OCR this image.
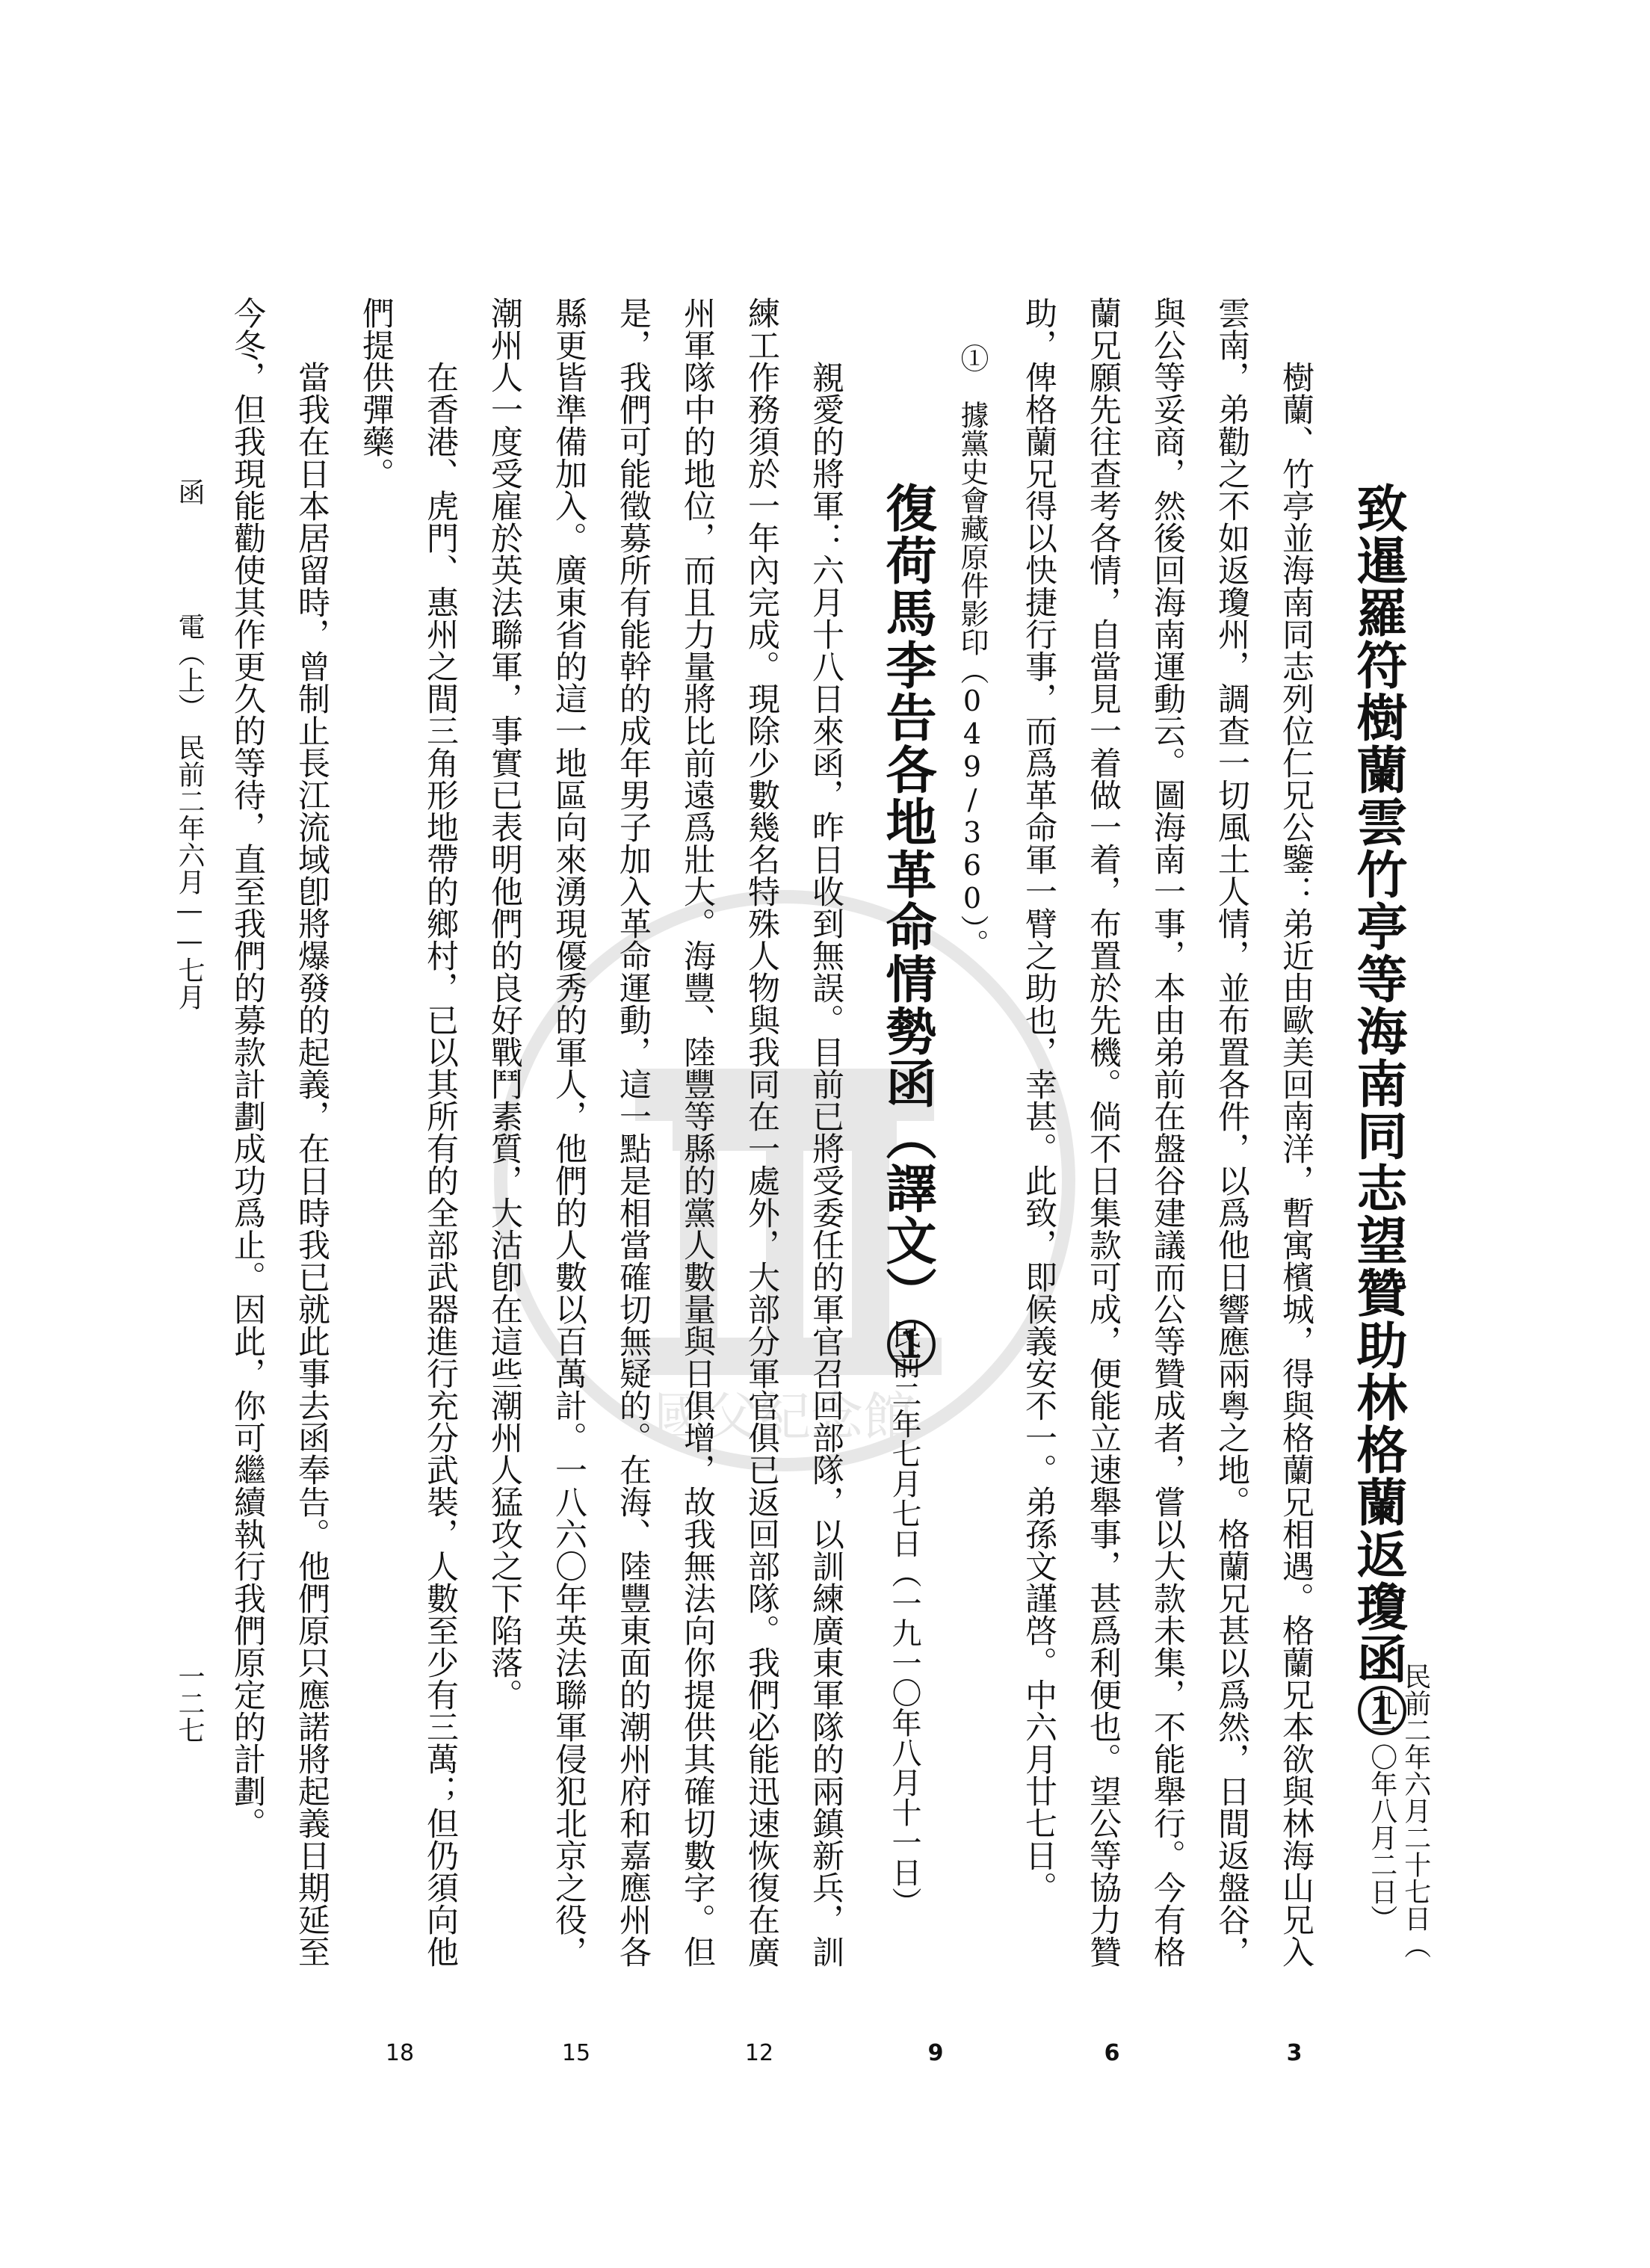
國父紀念館	致暹羅符樹蘭雲竹亭等海南同志望贊助林格蘭返瓊函①
民前二年六月二十七日（
一九一〇年八月二日）
樹蘭、竹亭並海南同志列位仁兄公鑒：弟近由歐美回南洋，暫寓檳城，得與格蘭兄相遇。格蘭兄本欲與林海山兄入
雲南，弟勸之不如返瓊州，調查一切風土人情，並布置各件，以爲他日響應兩粤之地。格蘭兄甚以爲然，日間返盤谷，
與公等妥商，然後回海南運動云。圖海南一事，本由弟前在盤谷建議而公等贊成者，嘗以大款未集，不能舉行。今有格
蘭兄願先往查考各情，自當見一着做一着，布置於先機。倘不日集款可成，便能立速舉事，甚爲利便也。望公等協力贊
助，俾格蘭兄得以快捷行事，而爲革命軍一臂之助也，幸甚。此致，即候義安不一。弟孫文謹啓。中六月廿七日。
①　據黨史會藏原件影印（049/360）。
復荷馬李告各地革命情勢函（譯文）①
民前二年七月七日（一九一〇年八月十一日）
親愛的將軍：六月十八日來函，昨日收到無誤。目前已將受委任的軍官召回部隊，以訓練廣東軍隊的兩鎮新兵，訓
練工作務須於一年內完成。現除少數幾名特殊人物與我同在一處外，大部分軍官俱已返回部隊。我們必能迅速恢復在廣
州軍隊中的地位，而且力量將比前遠爲壯大。海豐、陸豐等縣的黨人數量與日俱增，故我無法向你提供其確切數字。但
是，我們可能徵募所有能幹的成年男子加入革命運動，這一點是相當確切無疑的。在海、陸豐東面的潮州府和嘉應州各
縣更皆準備加入。廣東省的這一地區向來湧現優秀的軍人，他們的人數以百萬計。一八六〇年英法聯軍侵犯北京之役，
潮州人一度受雇於英法聯軍，事實已表明他們的良好戰鬥素質，大沽卽在這些潮州人猛攻之下陷落。
　在香港、虎門、惠州之間三角形地帶的鄉村，已以其所有的全部武器進行充分武裝，人數至少有三萬；但仍須向他
們提供彈藥。
　當我在日本居留時，曾制止長江流域卽將爆發的起義，在日時我已就此事去函奉告。他們原只應諾將起義日期延至
今冬，但我現能勸使其作更久的等待，直至我們的募款計劃成功爲止。因此，你可繼續執行我們原定的計劃。
3
6
9
12
15
18
函　　　　電（上）　民前二年六月——七月
一二七
